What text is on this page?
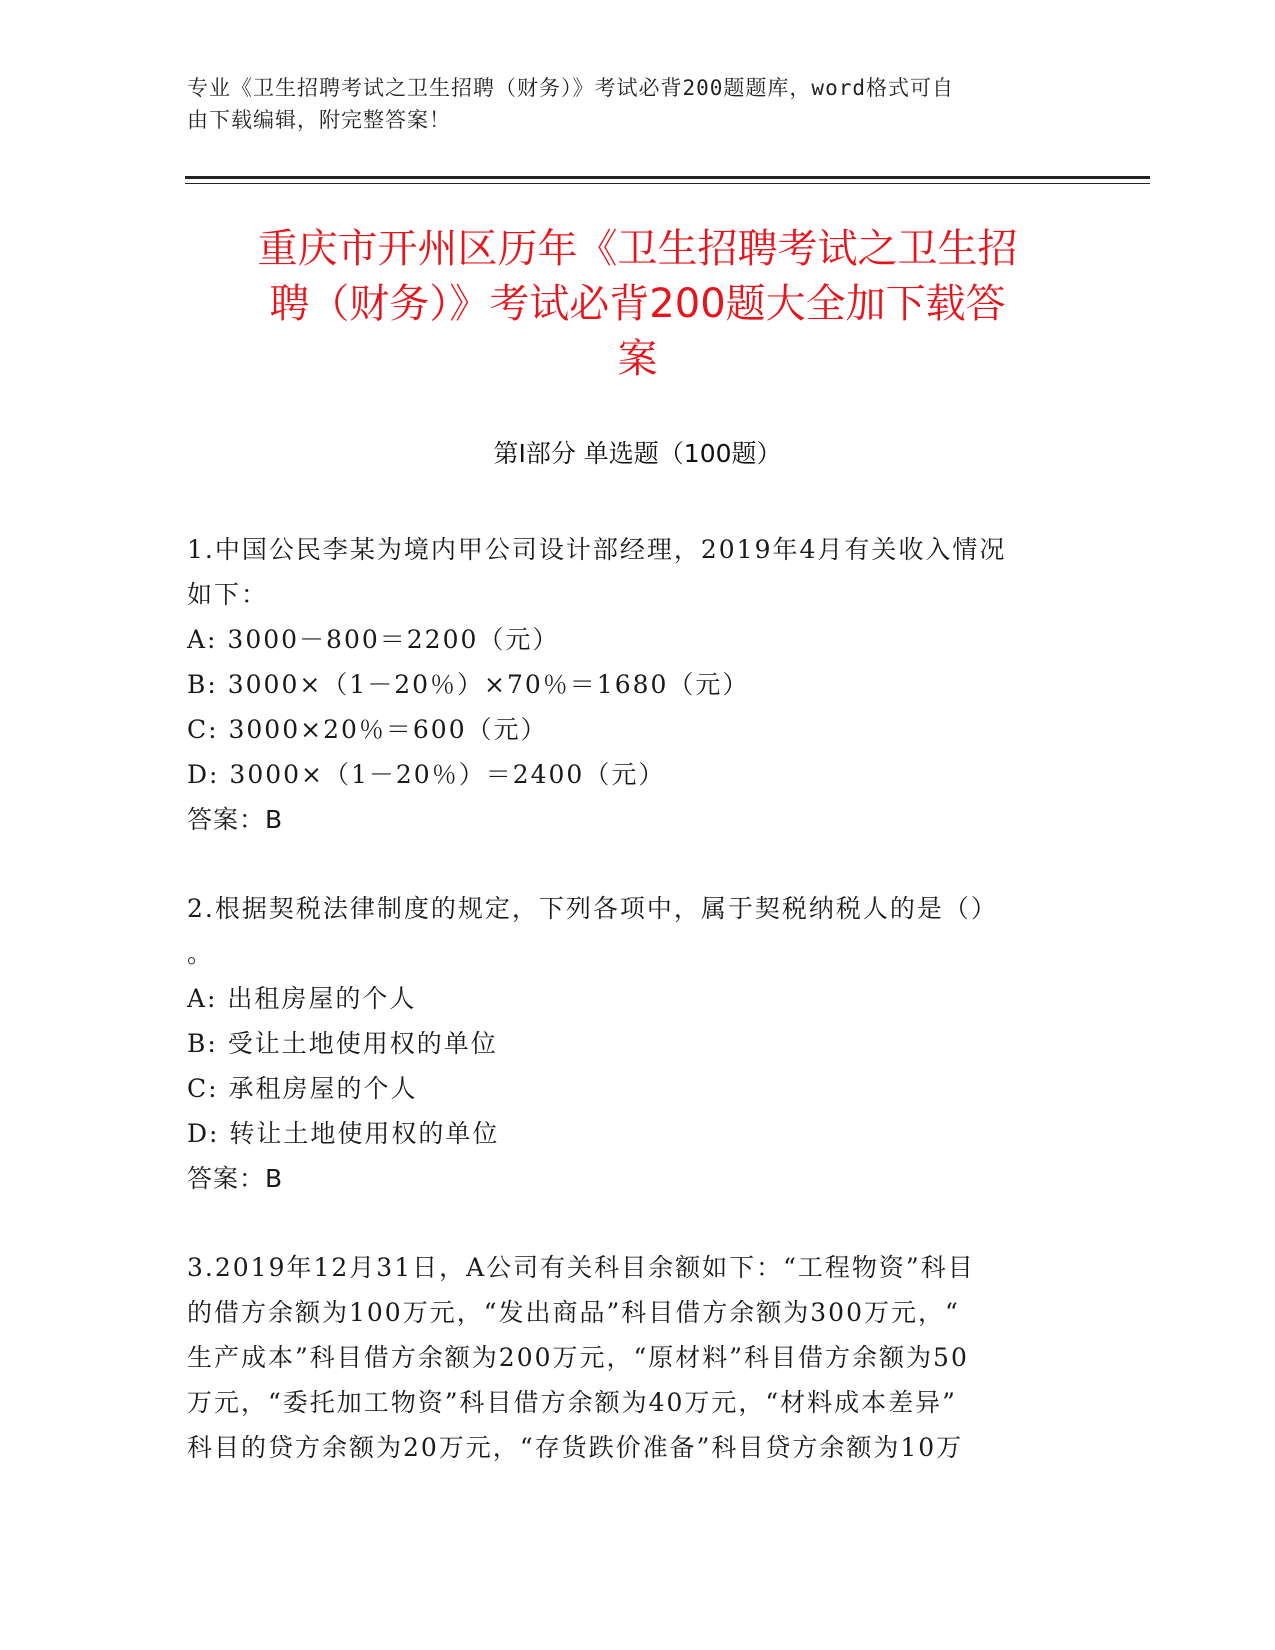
专业《卫生招聘考试之卫生招聘（财务）》考试必背200题题库，word格式可自
由下载编辑，附完整答案！
重庆市开州区历年《卫生招聘考试之卫生招
聘（财务）》考试必背200题大全加下载答
案
第I部分 单选题（100题）

1.中国公民李某为境内甲公司设计部经理，2019年4月有关收入情况

如下：

A: 3000－800＝2200（元）

B: 3000×（1－20％）×70％＝1680（元）

C: 3000×20％＝600（元）

D: 3000×（1－20％）＝2400（元）

答案：B

2.根据契税法律制度的规定，下列各项中，属于契税纳税人的是（）

。

A: 出租房屋的个人

B: 受让土地使用权的单位

C: 承租房屋的个人

D: 转让土地使用权的单位

答案：B

3.2019年12月31日，A公司有关科目余额如下：“工程物资”科目

的借方余额为100万元，“发出商品”科目借方余额为300万元，“

生产成本”科目借方余额为200万元，“原材料”科目借方余额为50

万元，“委托加工物资”科目借方余额为40万元，“材料成本差异”

科目的贷方余额为20万元，“存货跌价准备”科目贷方余额为10万
